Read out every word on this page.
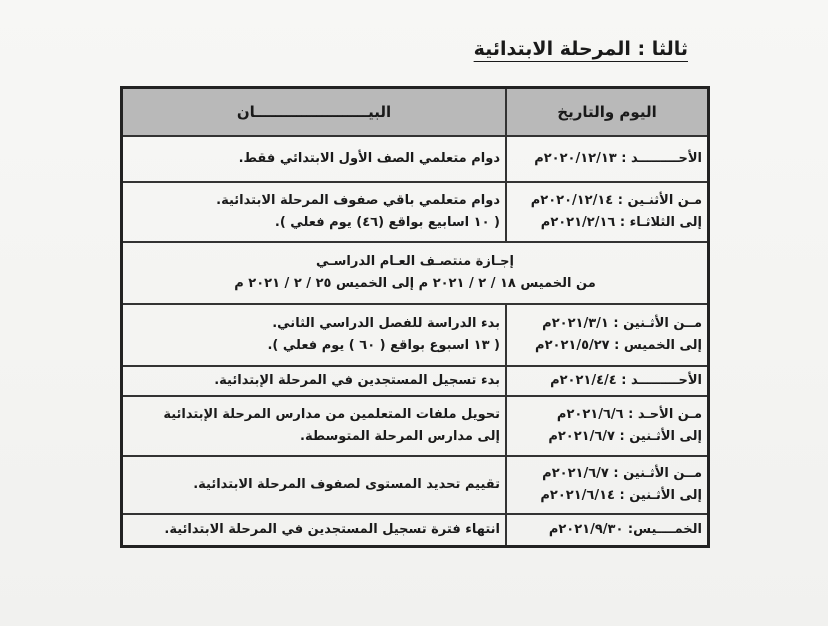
ثالثا : المرحلة الابتدائية
اليوم والتاريخ	البيــــــــــــــــــــــان

الأحـــــــــد : ٢٠٢٠/١٢/١٣م	دوام متعلمي الصف الأول الابتدائي فقط.

مـن الأثنـين : ٢٠٢٠/١٢/١٤م
إلى الثلاثـاء : ٢٠٢١/٢/١٦م	دوام متعلمي باقي صفوف المرحلة الابتدائية.
( ١٠ اسابيع بواقع (٤٦) يوم فعلي ).

إجـازة منتصـف العـام الدراسـي
من الخميس ١٨ / ٢ / ٢٠٢١ م إلى الخميس ٢٥ / ٢ / ٢٠٢١ م	

مــن الأثـنين : ٢٠٢١/٣/١م
إلى الخميس : ٢٠٢١/٥/٢٧م	بدء الدراسة للفصل الدراسي الثاني.
( ١٣ اسبوع بواقع ( ٦٠ ) يوم فعلي ).

الأحـــــــــد : ٢٠٢١/٤/٤م	بدء تسجيل المستجدين في المرحلة الإبتدائية.

مـن الأحـد : ٢٠٢١/٦/٦م
إلى الأثـنين : ٢٠٢١/٦/٧م	تحويل ملفات المتعلمين من مدارس المرحلة الإبتدائية
إلى مدارس المرحلة المتوسطة.

مــن الأثـنين : ٢٠٢١/٦/٧م
إلى الأثـنين : ٢٠٢١/٦/١٤م	تقييم تحديد المستوى لصفوف المرحلة الابتدائية.

الخمــــيس: ٢٠٢١/٩/٣٠م	انتهاء فترة تسجيل المستجدين في المرحلة الابتدائية.
